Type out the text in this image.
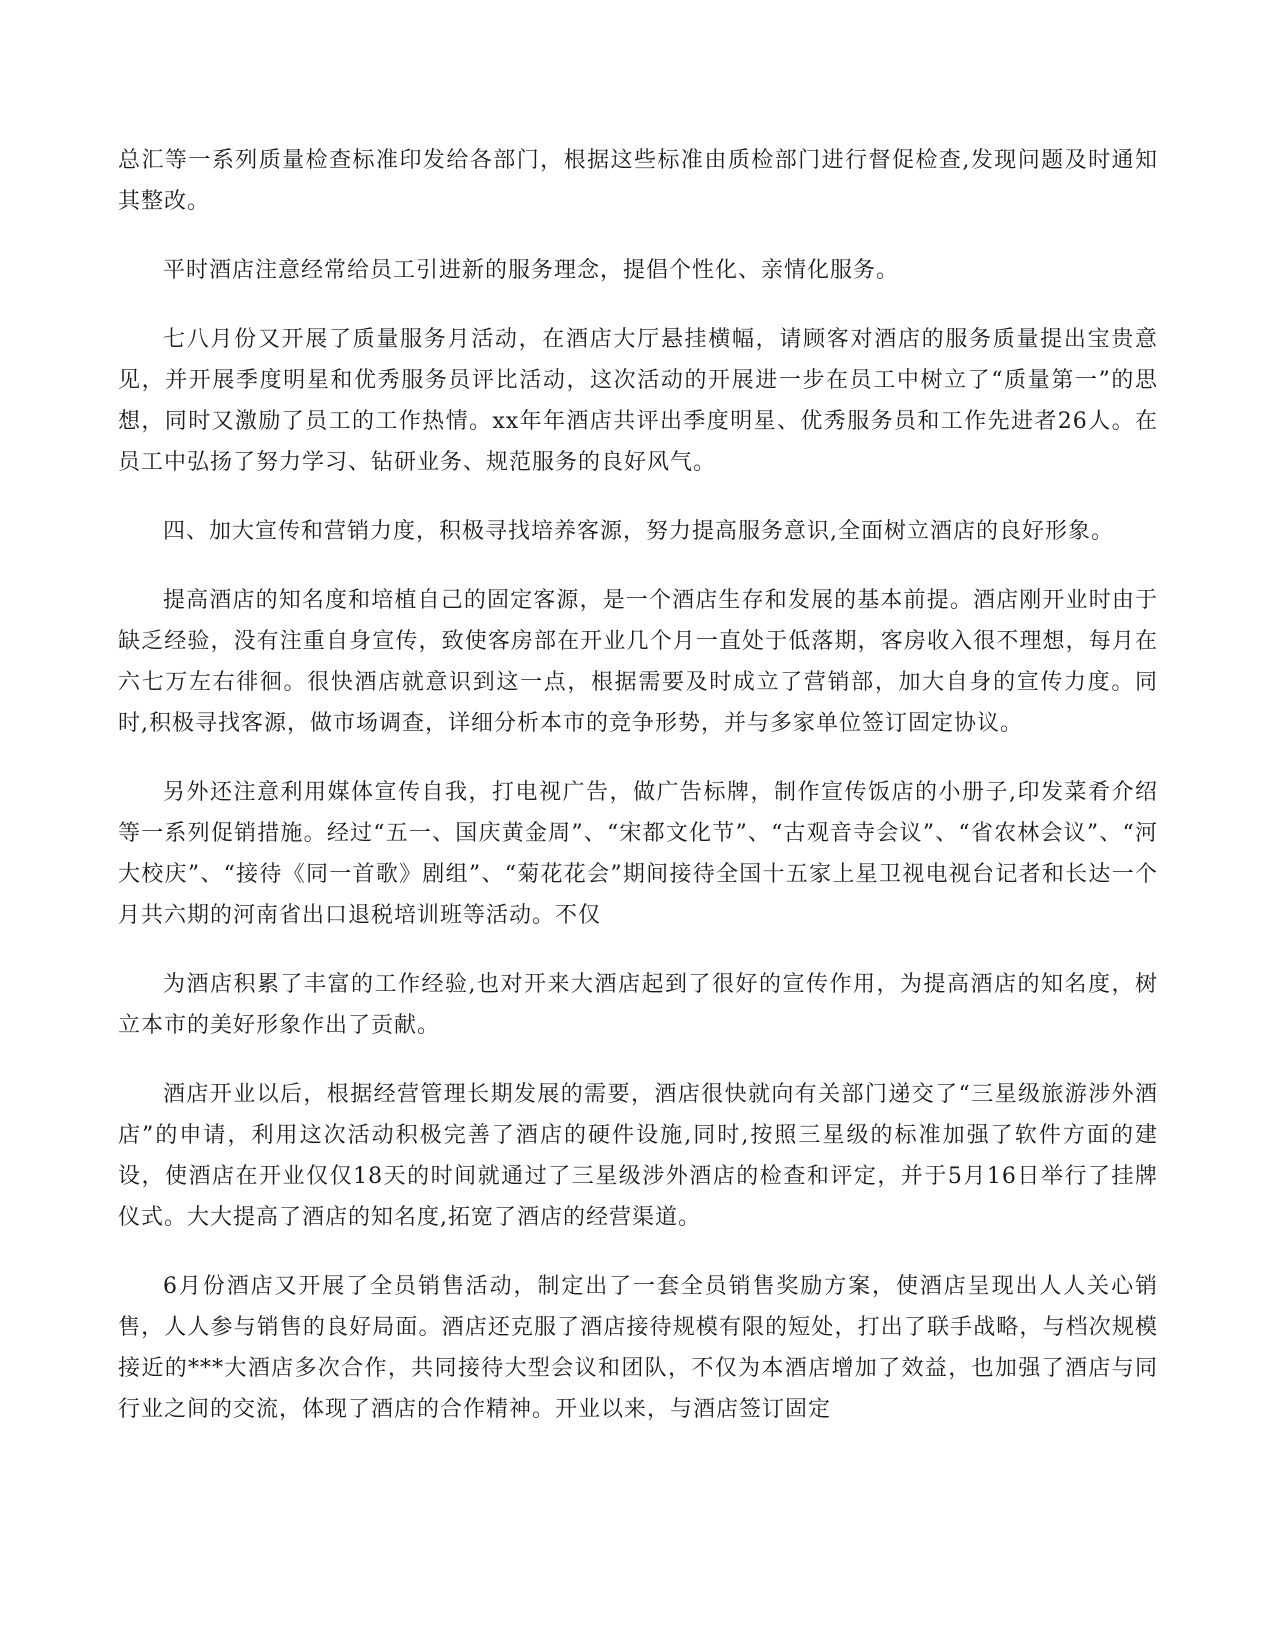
总汇等一系列质量检查标准印发给各部门，根据这些标准由质检部门进行督促检查,发现问题及时通知其整改。

平时酒店注意经常给员工引进新的服务理念，提倡个性化、亲情化服务。

七八月份又开展了质量服务月活动，在酒店大厅悬挂横幅，请顾客对酒店的服务质量提出宝贵意见，并开展季度明星和优秀服务员评比活动，这次活动的开展进一步在员工中树立了“质量第一”的思想，同时又激励了员工的工作热情。xx年年酒店共评出季度明星、优秀服务员和工作先进者26人。在员工中弘扬了努力学习、钻研业务、规范服务的良好风气。

四、加大宣传和营销力度，积极寻找培养客源，努力提高服务意识,全面树立酒店的良好形象。

提高酒店的知名度和培植自己的固定客源，是一个酒店生存和发展的基本前提。酒店刚开业时由于缺乏经验，没有注重自身宣传，致使客房部在开业几个月一直处于低落期，客房收入很不理想，每月在六七万左右徘徊。很快酒店就意识到这一点，根据需要及时成立了营销部，加大自身的宣传力度。同时,积极寻找客源，做市场调查，详细分析本市的竞争形势，并与多家单位签订固定协议。

另外还注意利用媒体宣传自我，打电视广告，做广告标牌，制作宣传饭店的小册子,印发菜肴介绍等一系列促销措施。经过“五一、国庆黄金周”、“宋都文化节”、“古观音寺会议”、“省农林会议”、“河大校庆”、“接待《同一首歌》剧组”、“菊花花会”期间接待全国十五家上星卫视电视台记者和长达一个月共六期的河南省出口退税培训班等活动。不仅

为酒店积累了丰富的工作经验,也对开来大酒店起到了很好的宣传作用，为提高酒店的知名度，树立本市的美好形象作出了贡献。

酒店开业以后，根据经营管理长期发展的需要，酒店很快就向有关部门递交了“三星级旅游涉外酒店”的申请，利用这次活动积极完善了酒店的硬件设施,同时,按照三星级的标准加强了软件方面的建设，使酒店在开业仅仅18天的时间就通过了三星级涉外酒店的检查和评定，并于5月16日举行了挂牌仪式。大大提高了酒店的知名度,拓宽了酒店的经营渠道。

6月份酒店又开展了全员销售活动，制定出了一套全员销售奖励方案，使酒店呈现出人人关心销售，人人参与销售的良好局面。酒店还克服了酒店接待规模有限的短处，打出了联手战略，与档次规模接近的***大酒店多次合作，共同接待大型会议和团队，不仅为本酒店增加了效益，也加强了酒店与同行业之间的交流，体现了酒店的合作精神。开业以来，与酒店签订固定
